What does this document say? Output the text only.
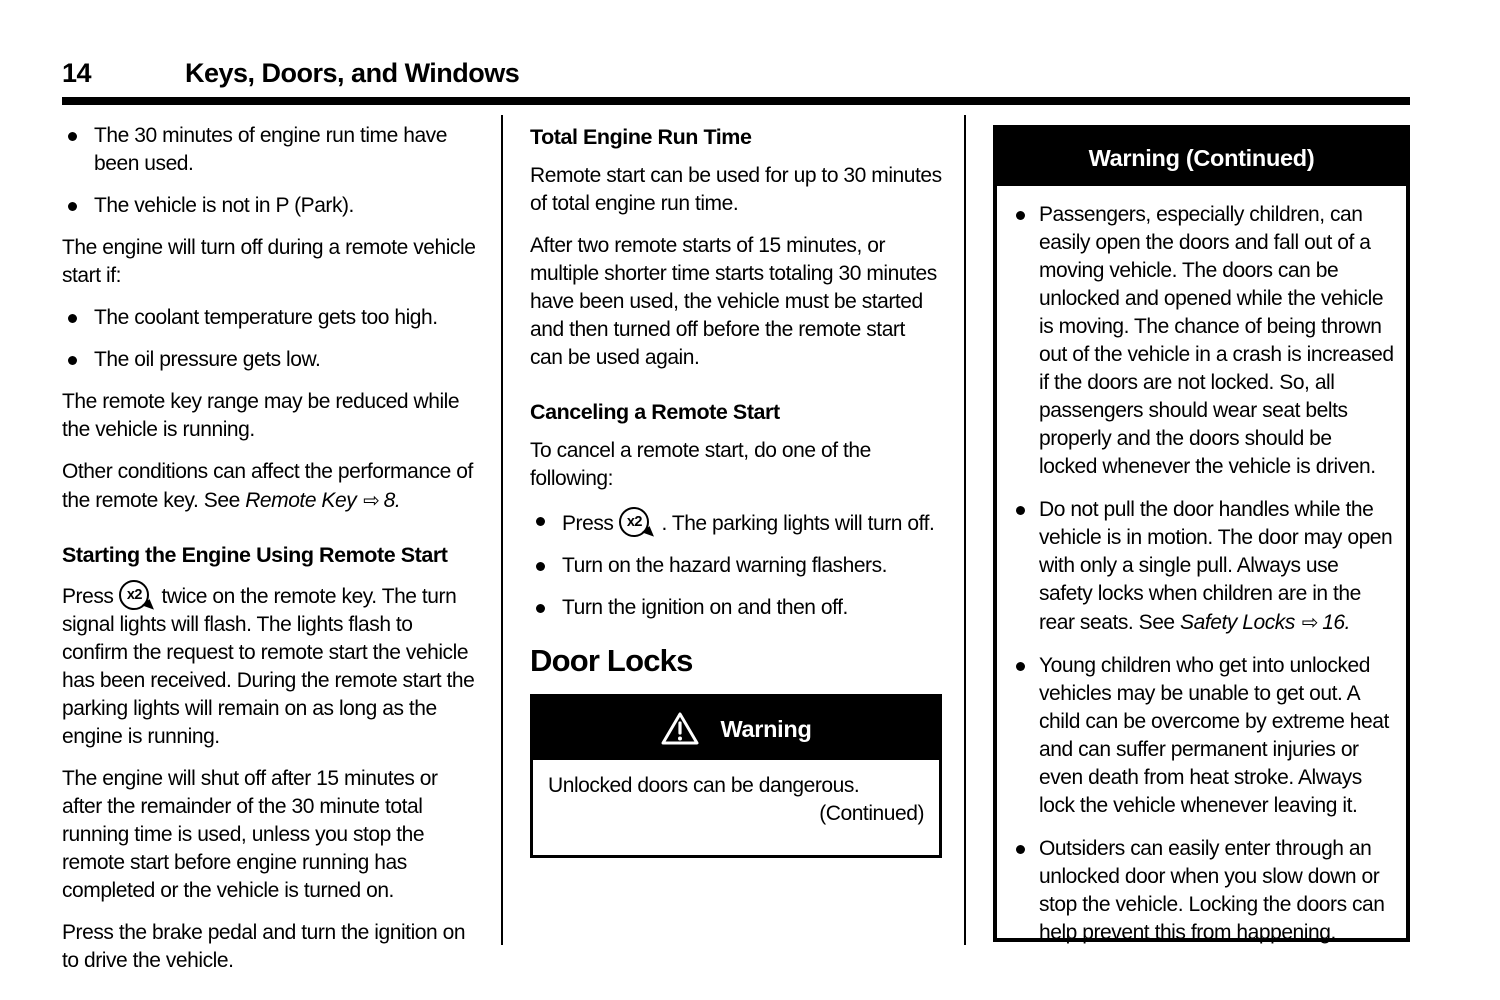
14	Keys, Doors, and Windows
The 30 minutes of engine run time have been used.
The vehicle is not in P (Park).

The engine will turn off during a remote vehicle start if:

The coolant temperature gets too high.
The oil pressure gets low.

The remote key range may be reduced while the vehicle is running.

Other conditions can affect the performance of the remote key. See Remote Key ⇨ 8.

Starting the Engine Using Remote Start

Press x2 twice on the remote key. The turn signal lights will flash. The lights flash to confirm the request to remote start the vehicle has been received. During the remote start the parking lights will remain on as long as the engine is running.

The engine will shut off after 15 minutes or after the remainder of the 30 minute total running time is used, unless you stop the remote start before engine running has completed or the vehicle is turned on.

Press the brake pedal and turn the ignition on to drive the vehicle.

Total Engine Run Time

Remote start can be used for up to 30 minutes of total engine run time.

After two remote starts of 15 minutes, or multiple shorter time starts totaling 30 minutes have been used, the vehicle must be started and then turned off before the remote start can be used again.

Canceling a Remote Start

To cancel a remote start, do one of the following:

Press x2 . The parking lights will turn off.
Turn on the hazard warning flashers.
Turn the ignition on and then off.
Door Locks
Warning

Unlocked doors can be dangerous.

(Continued)

Warning (Continued)
Passengers, especially children, can easily open the doors and fall out of a moving vehicle. The doors can be unlocked and opened while the vehicle is moving. The chance of being thrown out of the vehicle in a crash is increased if the doors are not locked. So, all passengers should wear seat belts properly and the doors should be locked whenever the vehicle is driven.
Do not pull the door handles while the vehicle is in motion. The door may open with only a single pull. Always use safety locks when children are in the rear seats. See Safety Locks ⇨ 16.
Young children who get into unlocked vehicles may be unable to get out. A child can be overcome by extreme heat and can suffer permanent injuries or even death from heat stroke. Always lock the vehicle whenever leaving it.
Outsiders can easily enter through an unlocked door when you slow down or stop the vehicle. Locking the doors can help prevent this from happening.
